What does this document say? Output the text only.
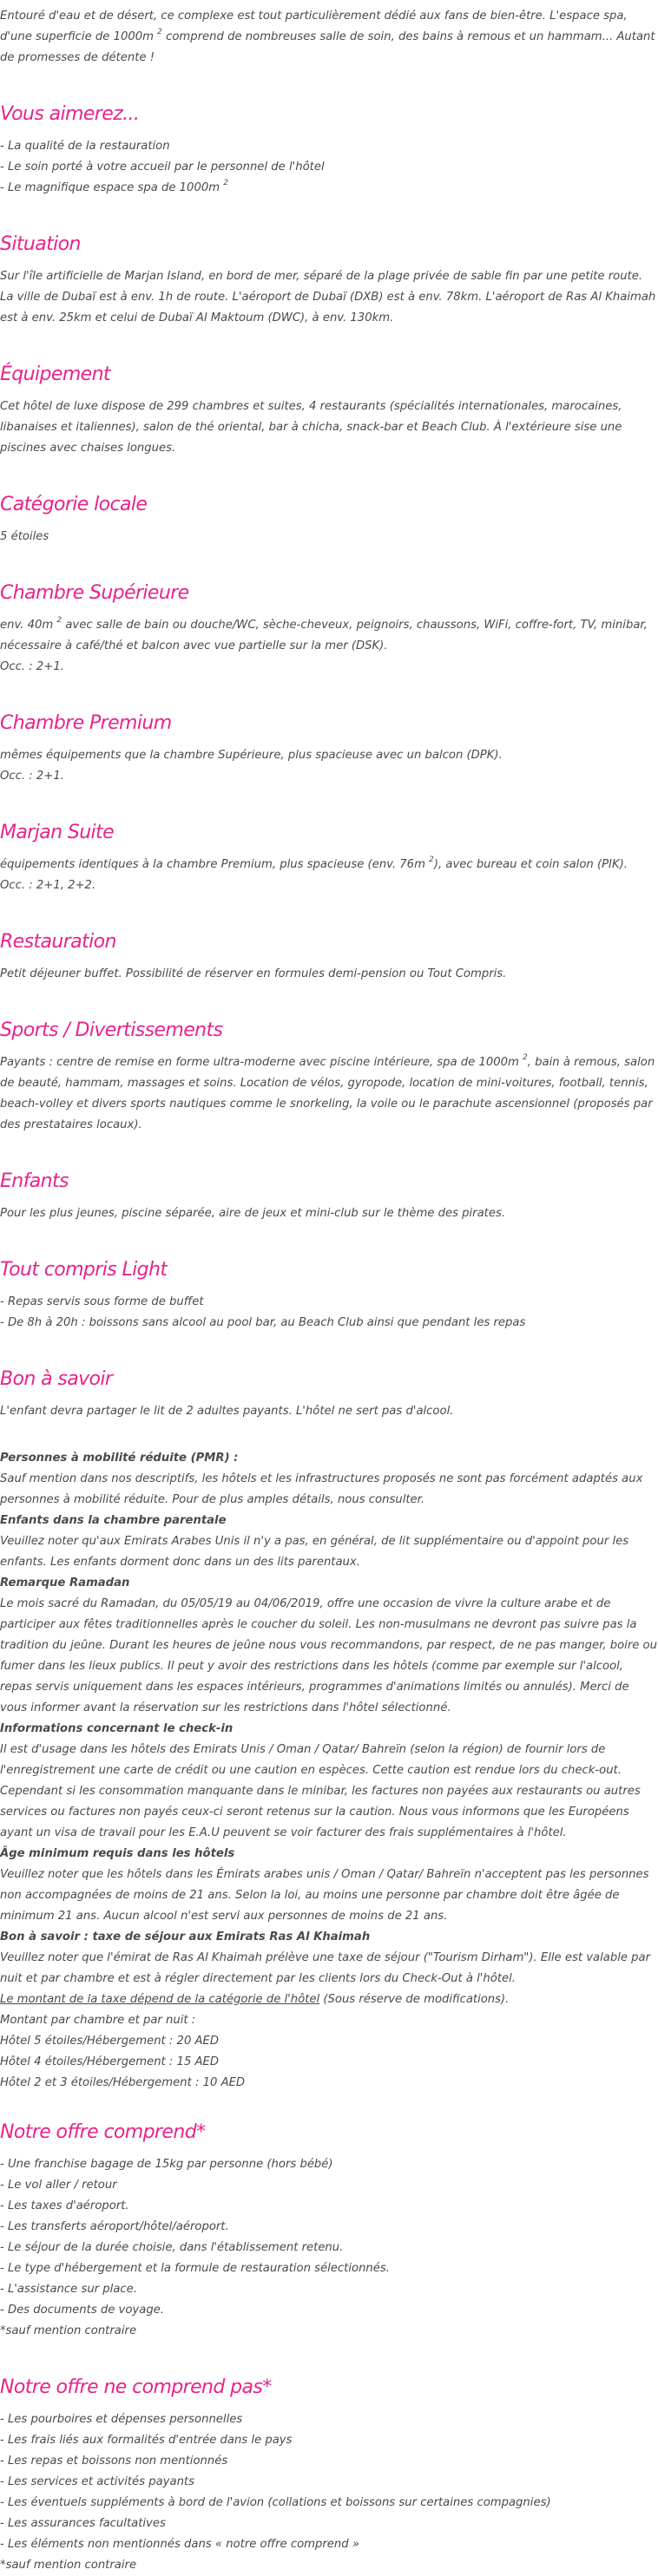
Entouré d'eau et de désert, ce complexe est tout particulièrement dédié aux fans de bien-être. L'espace spa, d'une superficie de 1000m $^2$ comprend de nombreuses salle de soin, des bains à remous et un hammam... Autant de promesses de détente !

Vous aimerez...
- La qualité de la restauration
- Le soin porté à votre accueil par le personnel de l'hôtel
- Le magnifique espace spa de 1000m $^2$
Situation

Sur l'île artificielle de Marjan Island, en bord de mer, séparé de la plage privée de sable fin par une petite route. La ville de Dubaï est à env. 1h de route. L'aéroport de Dubaï (DXB) est à env. 78km. L'aéroport de Ras Al Khaimah est à env. 25km et celui de Dubaï Al Maktoum (DWC), à env. 130km.

Équipement

Cet hôtel de luxe dispose de 299 chambres et suites, 4 restaurants (spécialités internationales, marocaines, libanaises et italiennes), salon de thé oriental, bar à chicha, snack-bar et Beach Club. À l'extérieure sise une piscines avec chaises longues.

Catégorie locale

5 étoiles

Chambre Supérieure

env. 40m $^2$ avec salle de bain ou douche/WC, sèche-cheveux, peignoirs, chaussons, WiFi, coffre-fort, TV, minibar, nécessaire à café/thé et balcon avec vue partielle sur la mer (DSK).

Occ. : 2+1.

Chambre Premium

mêmes équipements que la chambre Supérieure, plus spacieuse avec un balcon (DPK).

Occ. : 2+1.

Marjan Suite

équipements identiques à la chambre Premium, plus spacieuse (env. 76m $^2$), avec bureau et coin salon (PIK).

Occ. : 2+1, 2+2.

Restauration

Petit déjeuner buffet. Possibilité de réserver en formules demi-pension ou Tout Compris.

Sports / Divertissements

Payants : centre de remise en forme ultra-moderne avec piscine intérieure, spa de 1000m $^2$, bain à remous, salon de beauté, hammam, massages et soins. Location de vélos, gyropode, location de mini-voitures, football, tennis, beach-volley et divers sports nautiques comme le snorkeling, la voile ou le parachute ascensionnel (proposés par des prestataires locaux).

Enfants

Pour les plus jeunes, piscine séparée, aire de jeux et mini-club sur le thème des pirates.

Tout compris Light
- Repas servis sous forme de buffet
- De 8h à 20h : boissons sans alcool au pool bar, au Beach Club ainsi que pendant les repas
Bon à savoir

L'enfant devra partager le lit de 2 adultes payants. L'hôtel ne sert pas d'alcool.

Personnes à mobilité réduite (PMR) :

Sauf mention dans nos descriptifs, les hôtels et les infrastructures proposés ne sont pas forcément adaptés aux personnes à mobilité réduite. Pour de plus amples détails, nous consulter.

Enfants dans la chambre parentale

Veuillez noter qu'aux Emirats Arabes Unis il n'y a pas, en général, de lit supplémentaire ou d'appoint pour les enfants. Les enfants dorment donc dans un des lits parentaux.

Remarque Ramadan

Le mois sacré du Ramadan, du 05/05/19 au 04/06/2019, offre une occasion de vivre la culture arabe et de participer aux fêtes traditionnelles après le coucher du soleil. Les non-musulmans ne devront pas suivre pas la tradition du jeûne. Durant les heures de jeûne nous vous recommandons, par respect, de ne pas manger, boire ou fumer dans les lieux publics. Il peut y avoir des restrictions dans les hôtels (comme par exemple sur l'alcool, repas servis uniquement dans les espaces intérieurs, programmes d'animations limités ou annulés). Merci de vous informer avant la réservation sur les restrictions dans l'hôtel sélectionné.

Informations concernant le check-in

Il est d'usage dans les hôtels des Emirats Unis / Oman / Qatar/ Bahreïn (selon la région) de fournir lors de l'enregistrement une carte de crédit ou une caution en espèces. Cette caution est rendue lors du check-out. Cependant si les consommation manquante dans le minibar, les factures non payées aux restaurants ou autres services ou factures non payés ceux-ci seront retenus sur la caution. Nous vous informons que les Européens ayant un visa de travail pour les E.A.U peuvent se voir facturer des frais supplémentaires à l'hôtel.

Âge minimum requis dans les hôtels

Veuillez noter que les hôtels dans les Émirats arabes unis / Oman / Qatar/ Bahreïn n'acceptent pas les personnes non accompagnées de moins de 21 ans. Selon la loi, au moins une personne par chambre doit être âgée de minimum 21 ans. Aucun alcool n'est servi aux personnes de moins de 21 ans.

Bon à savoir : taxe de séjour aux Emirats Ras Al Khaimah

Veuillez noter que l'émirat de Ras Al Khaimah prélève une taxe de séjour ("Tourism Dirham"). Elle est valable par nuit et par chambre et est à régler directement par les clients lors du Check-Out à l'hôtel.

Le montant de la taxe dépend de la catégorie de l'hôtel (Sous réserve de modifications).

Montant par chambre et par nuit :
Hôtel 5 étoiles/Hébergement : 20 AED
Hôtel 4 étoiles/Hébergement : 15 AED
Hôtel 2 et 3 étoiles/Hébergement : 10 AED
Notre offre comprend*
- Une franchise bagage de 15kg par personne (hors bébé)
- Le vol aller / retour
- Les taxes d'aéroport.
- Les transferts aéroport/hôtel/aéroport.
- Le séjour de la durée choisie, dans l'établissement retenu.
- Le type d'hébergement et la formule de restauration sélectionnés.
- L'assistance sur place.
- Des documents de voyage.
*sauf mention contraire
Notre offre ne comprend pas*
- Les pourboires et dépenses personnelles
- Les frais liés aux formalités d'entrée dans le pays
- Les repas et boissons non mentionnés
- Les services et activités payants
- Les éventuels suppléments à bord de l'avion (collations et boissons sur certaines compagnies)
- Les assurances facultatives
- Les éléments non mentionnés dans « notre offre comprend »
*sauf mention contraire
